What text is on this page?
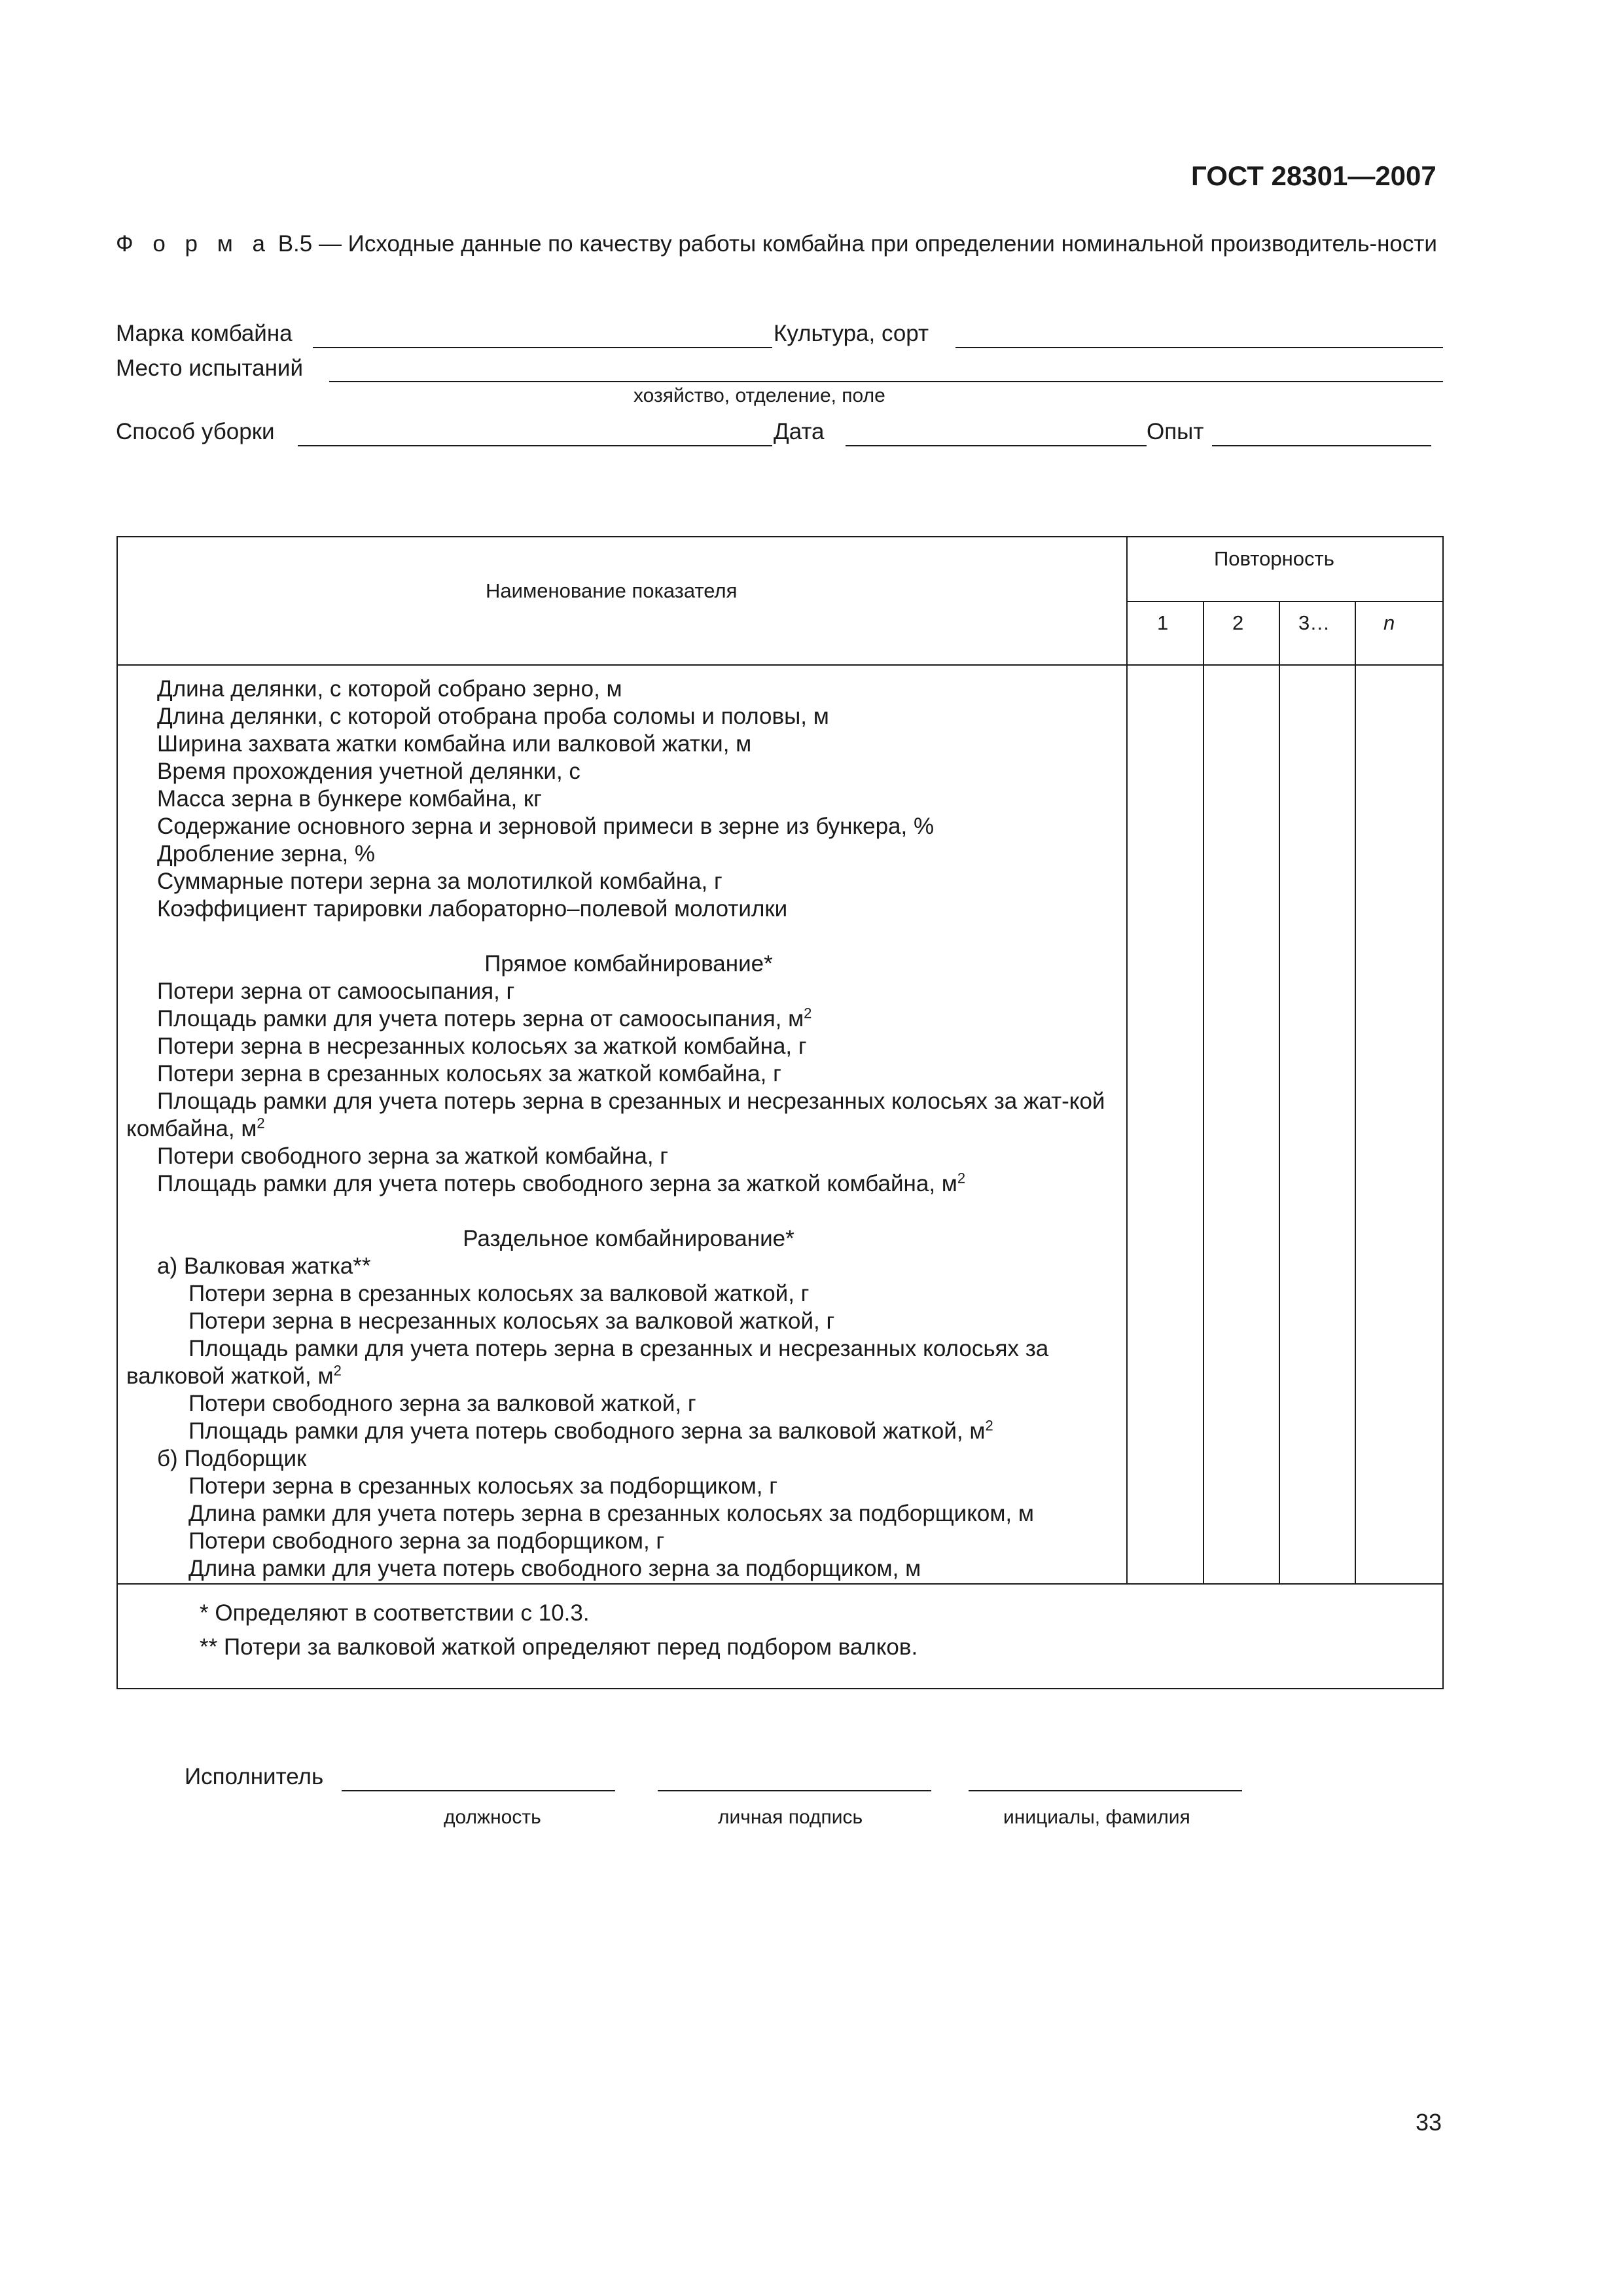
ГОСТ 28301—2007
Ф о р м а В.5 — Исходные данные по качеству работы комбайна при определении номинальной производитель-ности
Марка комбайна	Культура, сорт
Место испытаний
хозяйство, отделение, поле
Способ уборки	Дата	Опыт
Наименование показателя
Повторность
1	2	3…	n

Длина делянки, с которой собрано зерно, м

Длина делянки, с которой отобрана проба соломы и половы, м

Ширина захвата жатки комбайна или валковой жатки, м

Время прохождения учетной делянки, с

Масса зерна в бункере комбайна, кг

Содержание основного зерна и зерновой примеси в зерне из бункера, %

Дробление зерна, %

Суммарные потери зерна за молотилкой комбайна, г

Коэффициент тарировки лабораторно–полевой молотилки

Прямое комбайнирование*

Потери зерна от самоосыпания, г

Площадь рамки для учета потерь зерна от самоосыпания, $м^2$

Потери зерна в несрезанных колосьях за жаткой комбайна, г

Потери зерна в срезанных колосьях за жаткой комбайна, г

Площадь рамки для учета потерь зерна в срезанных и несрезанных колосьях за жат-кой комбайна, $м^2$

Потери свободного зерна за жаткой комбайна, г

Площадь рамки для учета потерь свободного зерна за жаткой комбайна, $м^2$

Раздельное комбайнирование*

а) Валковая жатка**

Потери зерна в срезанных колосьях за валковой жаткой, г

Потери зерна в несрезанных колосьях за валковой жаткой, г

Площадь рамки для учета потерь зерна в срезанных и несрезанных колосьях за валковой жаткой, $м^2$

Потери свободного зерна за валковой жаткой, г

Площадь рамки для учета потерь свободного зерна за валковой жаткой, $м^2$

б) Подборщик

Потери зерна в срезанных колосьях за подборщиком, г

Длина рамки для учета потерь зерна в срезанных колосьях за подборщиком, м

Потери свободного зерна за подборщиком, г

Длина рамки для учета потерь свободного зерна за подборщиком, м

* Определяют в соответствии с 10.3.
** Потери за валковой жаткой определяют перед подбором валков.
Исполнитель
должность	личная подпись	инициалы, фамилия
33
